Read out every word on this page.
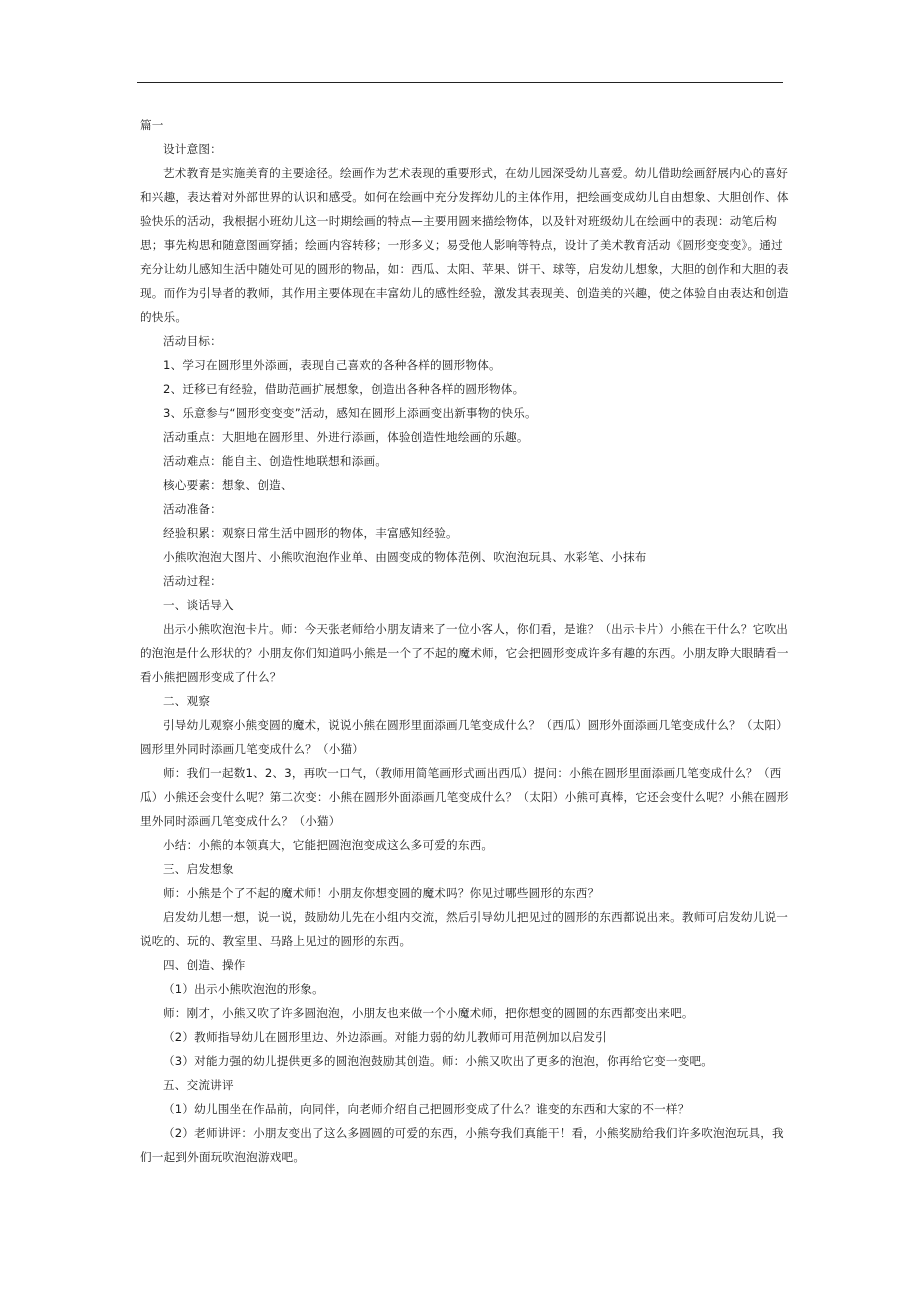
篇一

设计意图：

艺术教育是实施美育的主要途径。绘画作为艺术表现的重要形式，在幼儿园深受幼儿喜爱。幼儿借助绘画舒展内心的喜好和兴趣，表达着对外部世界的认识和感受。如何在绘画中充分发挥幼儿的主体作用，把绘画变成幼儿自由想象、大胆创作、体验快乐的活动，我根据小班幼儿这一时期绘画的特点—主要用圆来描绘物体，以及针对班级幼儿在绘画中的表现：动笔后构思；事先构思和随意图画穿插；绘画内容转移；一形多义；易受他人影响等特点，设计了美术教育活动《圆形变变变》。通过充分让幼儿感知生活中随处可见的圆形的物品，如：西瓜、太阳、苹果、饼干、球等，启发幼儿想象，大胆的创作和大胆的表现。而作为引导者的教师，其作用主要体现在丰富幼儿的感性经验，激发其表现美、创造美的兴趣，使之体验自由表达和创造的快乐。

活动目标：

1、学习在圆形里外添画，表现自己喜欢的各种各样的圆形物体。

2、迁移已有经验，借助范画扩展想象，创造出各种各样的圆形物体。

3、乐意参与“圆形变变变”活动，感知在圆形上添画变出新事物的快乐。

活动重点：大胆地在圆形里、外进行添画，体验创造性地绘画的乐趣。

活动难点：能自主、创造性地联想和添画。

核心要素：想象、创造、

活动准备：

经验积累：观察日常生活中圆形的物体，丰富感知经验。

小熊吹泡泡大图片、小熊吹泡泡作业单、由圆变成的物体范例、吹泡泡玩具、水彩笔、小抹布

活动过程：

一、谈话导入

出示小熊吹泡泡卡片。师：今天张老师给小朋友请来了一位小客人，你们看，是谁？（出示卡片）小熊在干什么？它吹出的泡泡是什么形状的？小朋友你们知道吗小熊是一个了不起的魔术师，它会把圆形变成许多有趣的东西。小朋友睁大眼睛看一看小熊把圆形变成了什么？

二、观察

引导幼儿观察小熊变圆的魔术，说说小熊在圆形里面添画几笔变成什么？（西瓜）圆形外面添画几笔变成什么？（太阳）圆形里外同时添画几笔变成什么？（小猫）

师：我们一起数1、2、3，再吹一口气，（教师用简笔画形式画出西瓜）提问：小熊在圆形里面添画几笔变成什么？（西瓜）小熊还会变什么呢？第二次变：小熊在圆形外面添画几笔变成什么？（太阳）小熊可真棒，它还会变什么呢？小熊在圆形里外同时添画几笔变成什么？（小猫）

小结：小熊的本领真大，它能把圆泡泡变成这么多可爱的东西。

三、启发想象

师：小熊是个了不起的魔术师！小朋友你想变圆的魔术吗？你见过哪些圆形的东西？

启发幼儿想一想，说一说，鼓励幼儿先在小组内交流，然后引导幼儿把见过的圆形的东西都说出来。教师可启发幼儿说一说吃的、玩的、教室里、马路上见过的圆形的东西。

四、创造、操作

（1）出示小熊吹泡泡的形象。

师：刚才，小熊又吹了许多圆泡泡，小朋友也来做一个小魔术师，把你想变的圆圆的东西都变出来吧。

（2）教师指导幼儿在圆形里边、外边添画。对能力弱的幼儿教师可用范例加以启发引

（3）对能力强的幼儿提供更多的圆泡泡鼓励其创造。师：小熊又吹出了更多的泡泡，你再给它变一变吧。

五、交流讲评

（1）幼儿围坐在作品前，向同伴，向老师介绍自己把圆形变成了什么？谁变的东西和大家的不一样？

（2）老师讲评：小朋友变出了这么多圆圆的可爱的东西，小熊夸我们真能干！看，小熊奖励给我们许多吹泡泡玩具，我们一起到外面玩吹泡泡游戏吧。
